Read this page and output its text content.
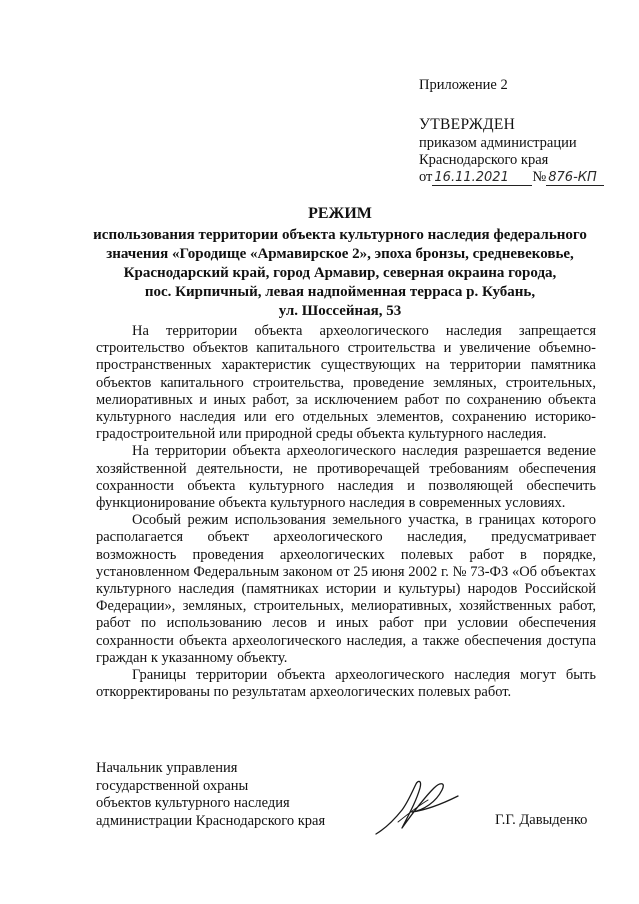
Приложение 2
УТВЕРЖДЕН
приказом администрации
Краснодарского края
от 16.11.2021 № 876-КП
РЕЖИМ
использования территории объекта культурного наследия федерального
значения «Городище «Армавирское 2», эпоха бронзы, средневековье,
Краснодарский край, город Армавир, северная окраина города,
пос. Кирпичный, левая надпойменная терраса р. Кубань,
ул. Шоссейная, 53

На территории объекта археологического наследия запрещается строительство объектов капитального строительства и увеличение объемно-пространственных характеристик существующих на территории памятника объектов капитального строительства, проведение земляных, строительных, мелиоративных и иных работ, за исключением работ по сохранению объекта культурного наследия или его отдельных элементов, сохранению историко-градостроительной или природной среды объекта культурного наследия.

На территории объекта археологического наследия разрешается ведение хозяйственной деятельности, не противоречащей требованиям обеспечения сохранности объекта культурного наследия и позволяющей обеспечить функционирование объекта культурного наследия в современных условиях.

Особый режим использования земельного участка, в границах которого располагается объект археологического наследия, предусматривает возможность проведения археологических полевых работ в порядке, установленном Федеральным законом от 25 июня 2002 г. № 73-ФЗ «Об объектах культурного наследия (памятниках истории и культуры) народов Российской Федерации», земляных, строительных, мелиоративных, хозяйственных работ, работ по использованию лесов и иных работ при условии обеспечения сохранности объекта археологического наследия, а также обеспечения доступа граждан к указанному объекту.

Границы территории объекта археологического наследия могут быть откорректированы по результатам археологических полевых работ.

Начальник управления
государственной охраны
объектов культурного наследия
администрации Краснодарского края	Г.Г. Давыденко
